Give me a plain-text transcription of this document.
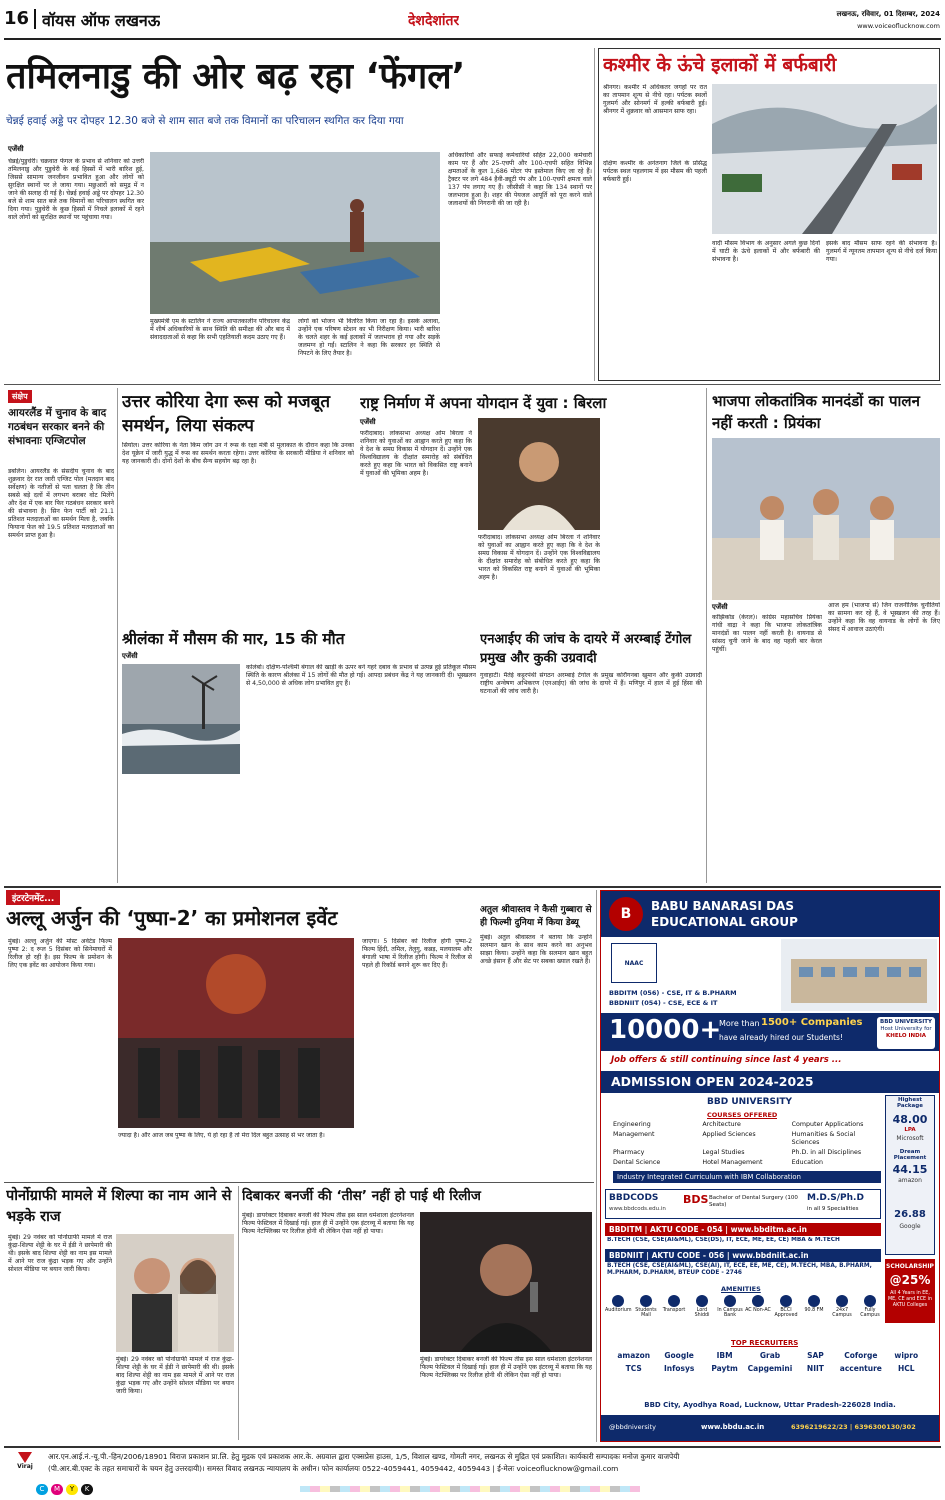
16 वॉयस ऑफ लखनऊ	देशदेशांतर	लखनऊ, रविवार, 01 दिसम्बर, 2024
www.voiceoflucknow.com
तमिलनाडु की ओर बढ़ रहा ‘फेंगल’
चेन्नई हवाई अड्डे पर दोपहर 12.30 बजे से शाम सात बजे तक विमानों का परिचालन स्थगित कर दिया गया
एजेंसी
चेन्नई/पुडुचेरी। चक्रवात फेंगल के प्रभाव से शनिवार को उत्तरी तमिलनाडु और पुडुचेरी के कई हिस्सों में भारी बारिश हुई, जिससे सामान्य जनजीवन प्रभावित हुआ और लोगों को सुरक्षित स्थानों पर ले जाया गया। मछुआरों को समुद्र में न जाने की सलाह दी गई है। चेन्नई हवाई अड्डे पर दोपहर 12.30 बजे से शाम सात बजे तक विमानों का परिचालन स्थगित कर दिया गया। पुडुचेरी के कुछ हिस्सों में निचले इलाकों में रहने वाले लोगों को सुरक्षित स्थानों पर पहुंचाया गया।
मुख्यमंत्री एम के स्टालिन ने राज्य आपातकालीन परिचालन केंद्र में शीर्ष अधिकारियों के साथ स्थिति की समीक्षा की और बाद में संवाददाताओं से कहा कि सभी एहतियाती कदम उठाए गए हैं।
लोगों को भोजन भी वितरित किया जा रहा है। इसके अलावा, उन्होंने एक परिषण स्टेशन का भी निरीक्षण किया। भारी बारिश के चलते शहर के कई इलाकों में जलभराव हो गया और सड़कें जलमग्न हो गईं। स्टालिन ने कहा कि सरकार हर स्थिति से निपटने के लिए तैयार है।
अधिकारियों और सफाई कर्मचारियों सहित 22,000 कर्मचारी काम पर हैं और 25-एचपी और 100-एचपी सहित विभिन्न क्षमताओं के कुल 1,686 मोटर पंप इस्तेमाल किए जा रहे हैं। ट्रैक्टर पर लगे 484 हैवी-ड्यूटी पंप और 100-एचपी क्षमता वाले 137 पंप लगाए गए हैं। जीसीसी ने कहा कि 134 स्थानों पर जलभराव हुआ है। शहर की पेयजल आपूर्ति को पूरा करने वाले जलाशयों की निगरानी की जा रही है।
कश्मीर के ऊंचे इलाकों में बर्फबारी
श्रीनगर। कश्मीर में अधिकतर जगहों पर रात का तापमान शून्य से नीचे रहा। पर्यटक स्थलों गुलमर्ग और सोनमर्ग में हल्की बर्फबारी हुई। श्रीनगर में शुक्रवार को आसमान साफ रहा।
दक्षिण कश्मीर के अनंतनाग जिले के प्रसिद्ध पर्यटक स्थल पहलगाम में इस मौसम की पहली बर्फबारी हुई।
वादी मौसम विभाग के अनुसार अगले कुछ दिनों में घाटी के ऊंचे इलाकों में और बर्फबारी की संभावना है।
इसके बाद मौसम साफ रहने की संभावना है। गुलमर्ग में न्यूनतम तापमान शून्य से नीचे दर्ज किया गया।
संक्षेप
आयरलैंड में चुनाव के बाद गठबंधन सरकार बनने की संभावनाः एग्जिटपोल
डबलिन। आयरलैंड के संसदीय चुनाव के बाद शुक्रवार देर रात जारी एग्जिट पोल (मतदान बाद सर्वेक्षण) के नतीजों से पता चलता है कि तीन सबसे बड़े दलों में लगभग बराबर वोट मिलेंगे और देश में एक बार फिर गठबंधन सरकार बनने की संभावना है। सिन फेन पार्टी को 21.1 प्रतिशत मतदाताओं का समर्थन मिला है, जबकि फियाना फेल को 19.5 प्रतिशत मतदाताओं का समर्थन प्राप्त हुआ है।
उत्तर कोरिया देगा रूस को मजबूत समर्थन, लिया संकल्प
सियोल। उत्तर कोरिया के नेता किम जोंग उन ने रूस के रक्षा मंत्री से मुलाकात के दौरान कहा कि उनका देश यूक्रेन में जारी युद्ध में रूस का समर्थन करता रहेगा। उत्तर कोरिया के सरकारी मीडिया ने शनिवार को यह जानकारी दी। दोनों देशों के बीच सैन्य सहयोग बढ़ रहा है।
राष्ट्र निर्माण में अपना योगदान दें युवा : बिरला
एजेंसी
फरीदाबाद। लोकसभा अध्यक्ष ओम बिरला ने शनिवार को युवाओं का आह्वान करते हुए कहा कि वे देश के समग्र विकास में योगदान दें। उन्होंने एक विश्वविद्यालय के दीक्षांत समारोह को संबोधित करते हुए कहा कि भारत को विकसित राष्ट्र बनाने में युवाओं की भूमिका अहम है।
फरीदाबाद। लोकसभा अध्यक्ष ओम बिरला ने शनिवार को युवाओं का आह्वान करते हुए कहा कि वे देश के समग्र विकास में योगदान दें। उन्होंने एक विश्वविद्यालय के दीक्षांत समारोह को संबोधित करते हुए कहा कि भारत को विकसित राष्ट्र बनाने में युवाओं की भूमिका अहम है।
श्रीलंका में मौसम की मार, 15 की मौत
एजेंसी
कोलंबो। दक्षिण-पश्चिमी बंगाल की खाड़ी के ऊपर बने गहरे दबाव के प्रभाव से उत्पन्न हुई प्रतिकूल मौसम स्थिति के कारण श्रीलंका में 15 लोगों की मौत हो गई। आपदा प्रबंधन केंद्र ने यह जानकारी दी। भूस्खलन से 4,50,000 से अधिक लोग प्रभावित हुए हैं।
एनआईए की जांच के दायरे में अरम्बाई टेंगोल प्रमुख और कुकी उग्रवादी
गुवाहाटी। मैतेई कट्टरपंथी संगठन अरम्बाई टेंगोल के प्रमुख कोरौंगनबा खुमान और कुकी उग्रवादी राष्ट्रीय अन्वेषण अभिकरण (एनआईए) की जांच के दायरे में हैं। मणिपुर में हाल में हुई हिंसा की घटनाओं की जांच जारी है।
भाजपा लोकतांत्रिक मानदंडों का पालन नहीं करती : प्रियंका
एजेंसी
कोझिकोड (केरल)। कांग्रेस महासचिव प्रियंका गांधी वाद्रा ने कहा कि भाजपा लोकतांत्रिक मानदंडों का पालन नहीं करती है। वायनाड से सांसद चुनी जाने के बाद वह पहली बार केरल पहुंचीं।
आज हम (भाजपा से) जिन राजनीतिक चुनौतियों का सामना कर रहे हैं, वे भूस्खलन की तरह हैं। उन्होंने कहा कि वह वायनाड के लोगों के लिए संसद में आवाज उठाएंगी।
इंटरटेनमेंट...
अल्लू अर्जुन की ‘पुष्पा-2’ का प्रमोशनल इवेंट
मुंबई। अल्लू अर्जुन की मोस्ट अवेटेड फिल्म पुष्पा 2: द रूल 5 दिसंबर को सिनेमाघरों में रिलीज हो रही है। इस फिल्म के प्रमोशन के लिए एक इवेंट का आयोजन किया गया।
ज्यादा है। और आज जब पुष्पा के लिए, ये हो रहा है तो मेरा दिल बहुत उत्साह से भर जाता है।
जाएगा। 5 दिसंबर को रिलीज होगी पुष्पा-2 फिल्म हिंदी, तमिल, तेलुगु, कन्नड़, मलयालम और बंगाली भाषा में रिलीज होगी। फिल्म ने रिलीज से पहले ही रिकॉर्ड बनाने शुरू कर दिए हैं।
अतुल श्रीवास्तव ने कैसी गुब्बारा से ही फिल्मी दुनिया में किया डेब्यू
मुंबई। अतुल श्रीवास्तव ने बताया कि उन्होंने सलमान खान के साथ काम करने का अनुभव साझा किया। उन्होंने कहा कि सलमान खान बहुत अच्छे इंसान हैं और सेट पर सबका ख्याल रखते हैं।
पोर्नोग्राफी मामले में शिल्पा का नाम आने से भड़के राज
मुंबई। 29 नवंबर को पोर्नोग्राफी मामले में राज कुंद्रा-शिल्पा शेट्टी के घर में ईडी ने छापेमारी की थी। इसके बाद शिल्पा शेट्टी का नाम इस मामले में आने पर राज कुंद्रा भड़क गए और उन्होंने सोशल मीडिया पर बयान जारी किया।
मुंबई। 29 नवंबर को पोर्नोग्राफी मामले में राज कुंद्रा-शिल्पा शेट्टी के घर में ईडी ने छापेमारी की थी। इसके बाद शिल्पा शेट्टी का नाम इस मामले में आने पर राज कुंद्रा भड़क गए और उन्होंने सोशल मीडिया पर बयान जारी किया।
दिबाकर बनर्जी की ‘तीस’ नहीं हो पाई थी रिलीज
मुंबई। डायरेक्टर दिबाकर बनर्जी की फिल्म तीस इस साल धर्मशाला इंटरनेशनल फिल्म फेस्टिवल में दिखाई गई। हाल ही में उन्होंने एक इंटरव्यू में बताया कि यह फिल्म नेटफ्लिक्स पर रिलीज होनी थी लेकिन ऐसा नहीं हो पाया।
मुंबई। डायरेक्टर दिबाकर बनर्जी की फिल्म तीस इस साल धर्मशाला इंटरनेशनल फिल्म फेस्टिवल में दिखाई गई। हाल ही में उन्होंने एक इंटरव्यू में बताया कि यह फिल्म नेटफ्लिक्स पर रिलीज होनी थी लेकिन ऐसा नहीं हो पाया।
B	BABU BANARASI DAS
EDUCATIONAL GROUP
NAAC
BBDITM (056) - CSE, IT & B.PHARM
BBDNIIT (054) - CSE, ECE & IT
10000+
More than 1500+ Companies
have already hired our Students!
BBD UNIVERSITY
Host University for
KHELO INDIA
Job offers & still continuing since last 4 years ...
ADMISSION OPEN 2024-2025
BBD UNIVERSITY
COURSES OFFERED
Engineering	Architecture	Computer Applications
Management	Applied Sciences	Humanities & Social Sciences
Pharmacy	Legal Studies	Ph.D. in all Disciplines
Dental Science	Hotel Management	Education
Industry Integrated Curriculum with IBM Collaboration
Highest Package
48.00
LPA
Microsoft
Dream Placement
44.15
amazon
26.88
Google
BBDCODS
www.bbdcods.edu.in
BDS Bachelor of Dental Surgery (100 Seats)
M.D.S/Ph.D
in all 9 Specialities
BBDITM | AKTU CODE - 054 | www.bbditm.ac.in
B.TECH (CSE, CSE(AI&ML), CSE(DS), IT, ECE, ME, EE, CE) MBA & M.TECH
BBDNIIT | AKTU CODE - 056 | www.bbdniit.ac.in
B.TECH (CSE, CSE(AI&ML), CSE(AI), IT, ECE, EE, ME, CE), M.TECH, MBA, B.PHARM, M.PHARM, D.PHARM, BTEUP CODE - 2746
SCHOLARSHIP
@25%
All 4 Years in EE, ME, CE and ECE in AKTU Colleges
AMENITIES
Auditorium Students Mall
Transport	Lord Shiddi
In Campus Bank
AC Non-AC	BCCI Approved
90.8 FM	24x7 Campus
Fully Campus
TOP RECRUITERS
amazon	Google	IBM	Grab	SAP	Coforge	wipro
TCS	Infosys	Paytm	Capgemini	NIIT	accenture	HCL
BBD City, Ayodhya Road, Lucknow, Uttar Pradesh-226028 India.
@bbdniversity	www.bbdu.ac.in	6396219622/23 | 6396300130/302
Viraj
आर.एन.आई.नं.-यू.पी.-हिन/2006/18901 विराज प्रकाशन प्रा.लि. हेतु मुद्रक एवं प्रकाशक आर.के. अग्रवाल द्वारा एक्सप्रेस हाउस, 1/5, विशाल खण्ड, गोमती नगर, लखनऊ से मुद्रित एवं प्रकाशित। कार्यकारी सम्पादकः मनोज कुमार वाजपेयी
(पी.आर.बी.एक्ट के तहत समाचारों के चयन हेतु उत्तरदायी)। समस्त विवाद लखनऊ न्यायालय के अधीन। फोन कार्यालयः 0522-4059441, 4059442, 4059443 | ई-मेलः voiceoflucknow@gmail.com
C	M	Y	K
